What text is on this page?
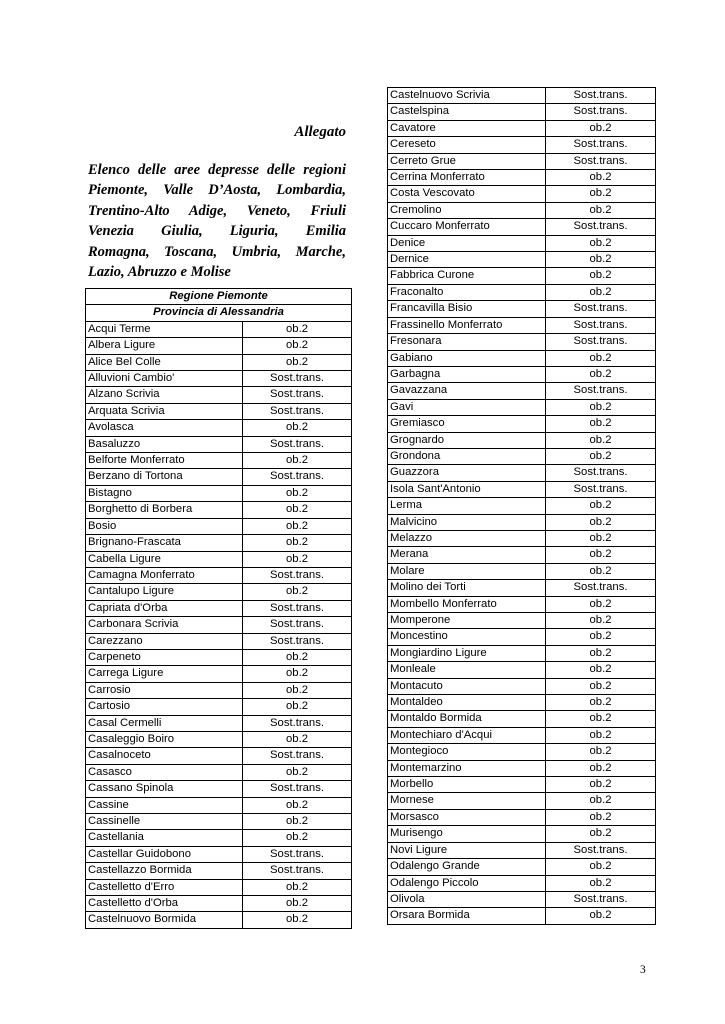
Allegato
Elenco delle aree depresse delle regioni
Piemonte, Valle D’Aosta, Lombardia,
Trentino-Alto Adige, Veneto, Friuli
Venezia Giulia, Liguria, Emilia
Romagna, Toscana, Umbria, Marche,
Lazio, Abruzzo e Molise
Regione Piemonte	
Provincia di Alessandria	
Acqui Terme	ob.2
Albera Ligure	ob.2
Alice Bel Colle	ob.2
Alluvioni Cambio'	Sost.trans.
Alzano Scrivia	Sost.trans.
Arquata Scrivia	Sost.trans.
Avolasca	ob.2
Basaluzzo	Sost.trans.
Belforte Monferrato	ob.2
Berzano di Tortona	Sost.trans.
Bistagno	ob.2
Borghetto di Borbera	ob.2
Bosio	ob.2
Brignano-Frascata	ob.2
Cabella Ligure	ob.2
Camagna Monferrato	Sost.trans.
Cantalupo Ligure	ob.2
Capriata d'Orba	Sost.trans.
Carbonara Scrivia	Sost.trans.
Carezzano	Sost.trans.
Carpeneto	ob.2
Carrega Ligure	ob.2
Carrosio	ob.2
Cartosio	ob.2
Casal Cermelli	Sost.trans.
Casaleggio Boiro	ob.2
Casalnoceto	Sost.trans.
Casasco	ob.2
Cassano Spinola	Sost.trans.
Cassine	ob.2
Cassinelle	ob.2
Castellania	ob.2
Castellar Guidobono	Sost.trans.
Castellazzo Bormida	Sost.trans.
Castelletto d'Erro	ob.2
Castelletto d'Orba	ob.2
Castelnuovo Bormida	ob.2
Castelnuovo Scrivia	Sost.trans.
Castelspina	Sost.trans.
Cavatore	ob.2
Cereseto	Sost.trans.
Cerreto Grue	Sost.trans.
Cerrina Monferrato	ob.2
Costa Vescovato	ob.2
Cremolino	ob.2
Cuccaro Monferrato	Sost.trans.
Denice	ob.2
Dernice	ob.2
Fabbrica Curone	ob.2
Fraconalto	ob.2
Francavilla Bisio	Sost.trans.
Frassinello Monferrato	Sost.trans.
Fresonara	Sost.trans.
Gabiano	ob.2
Garbagna	ob.2
Gavazzana	Sost.trans.
Gavi	ob.2
Gremiasco	ob.2
Grognardo	ob.2
Grondona	ob.2
Guazzora	Sost.trans.
Isola Sant'Antonio	Sost.trans.
Lerma	ob.2
Malvicino	ob.2
Melazzo	ob.2
Merana	ob.2
Molare	ob.2
Molino dei Torti	Sost.trans.
Mombello Monferrato	ob.2
Momperone	ob.2
Moncestino	ob.2
Mongiardino Ligure	ob.2
Monleale	ob.2
Montacuto	ob.2
Montaldeo	ob.2
Montaldo Bormida	ob.2
Montechiaro d'Acqui	ob.2
Montegioco	ob.2
Montemarzino	ob.2
Morbello	ob.2
Mornese	ob.2
Morsasco	ob.2
Murisengo	ob.2
Novi Ligure	Sost.trans.
Odalengo Grande	ob.2
Odalengo Piccolo	ob.2
Olivola	Sost.trans.
Orsara Bormida	ob.2
3
